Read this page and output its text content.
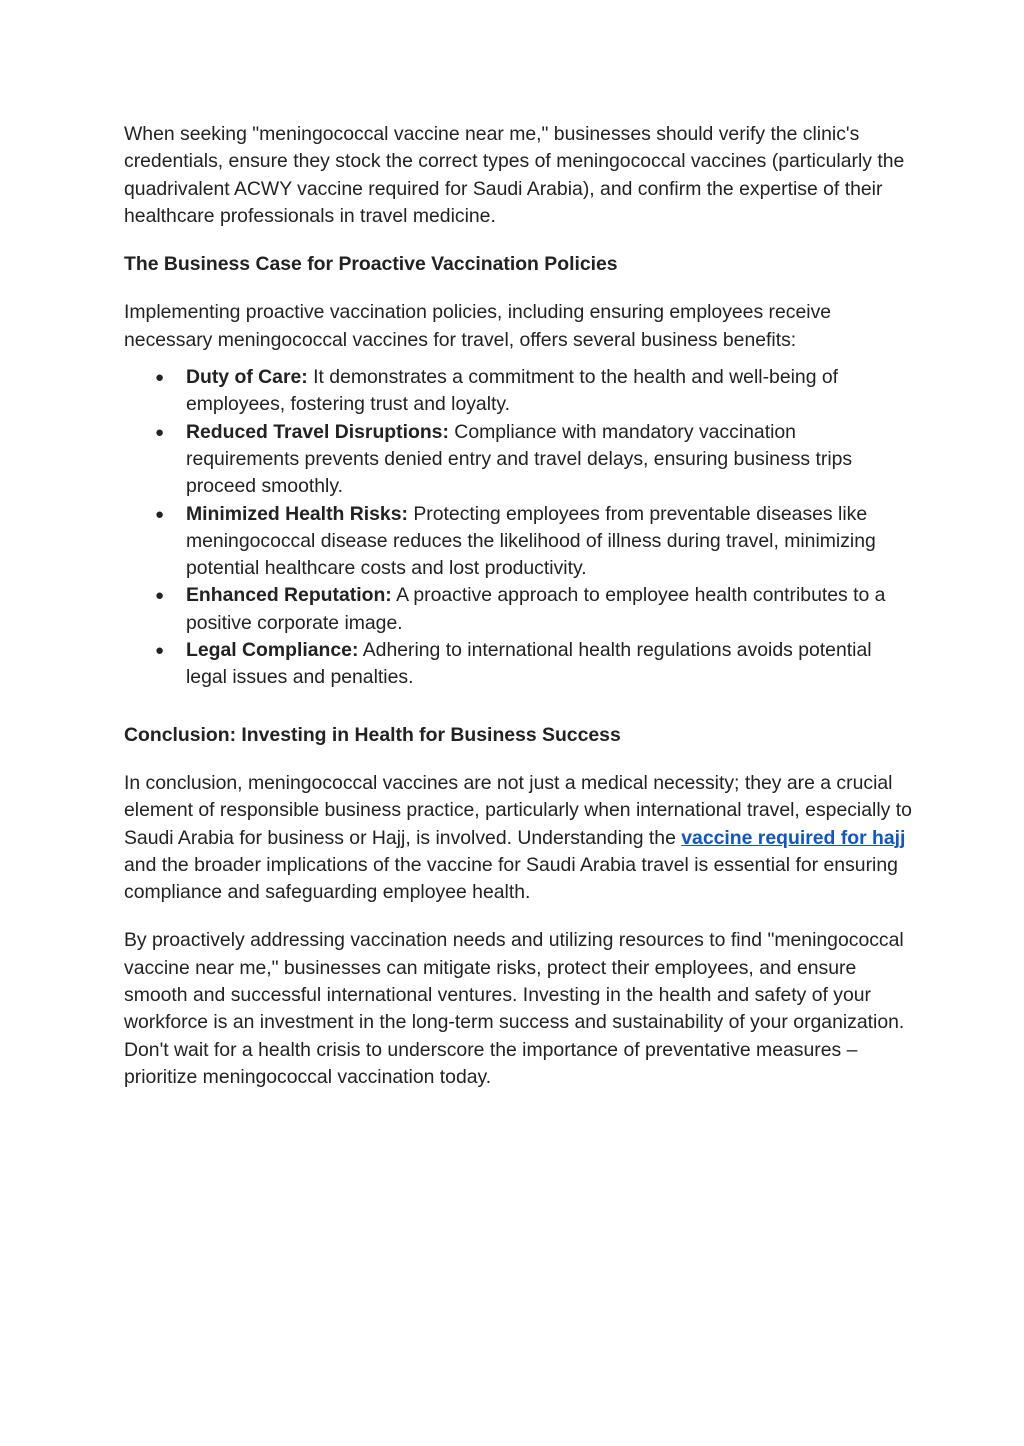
When seeking "meningococcal vaccine near me," businesses should verify the clinic's credentials, ensure they stock the correct types of meningococcal vaccines (particularly the quadrivalent ACWY vaccine required for Saudi Arabia), and confirm the expertise of their healthcare professionals in travel medicine.

The Business Case for Proactive Vaccination Policies

Implementing proactive vaccination policies, including ensuring employees receive necessary meningococcal vaccines for travel, offers several business benefits:

● Duty of Care: It demonstrates a commitment to the health and well-being of employees, fostering trust and loyalty.
● Reduced Travel Disruptions: Compliance with mandatory vaccination requirements prevents denied entry and travel delays, ensuring business trips proceed smoothly.
● Minimized Health Risks: Protecting employees from preventable diseases like meningococcal disease reduces the likelihood of illness during travel, minimizing potential healthcare costs and lost productivity.
● Enhanced Reputation: A proactive approach to employee health contributes to a positive corporate image.
● Legal Compliance: Adhering to international health regulations avoids potential legal issues and penalties.

Conclusion: Investing in Health for Business Success

In conclusion, meningococcal vaccines are not just a medical necessity; they are a crucial element of responsible business practice, particularly when international travel, especially to Saudi Arabia for business or Hajj, is involved. Understanding the vaccine required for hajj and the broader implications of the vaccine for Saudi Arabia travel is essential for ensuring compliance and safeguarding employee health.

By proactively addressing vaccination needs and utilizing resources to find "meningococcal vaccine near me," businesses can mitigate risks, protect their employees, and ensure smooth and successful international ventures. Investing in the health and safety of your workforce is an investment in the long-term success and sustainability of your organization. Don't wait for a health crisis to underscore the importance of preventative measures – prioritize meningococcal vaccination today.
